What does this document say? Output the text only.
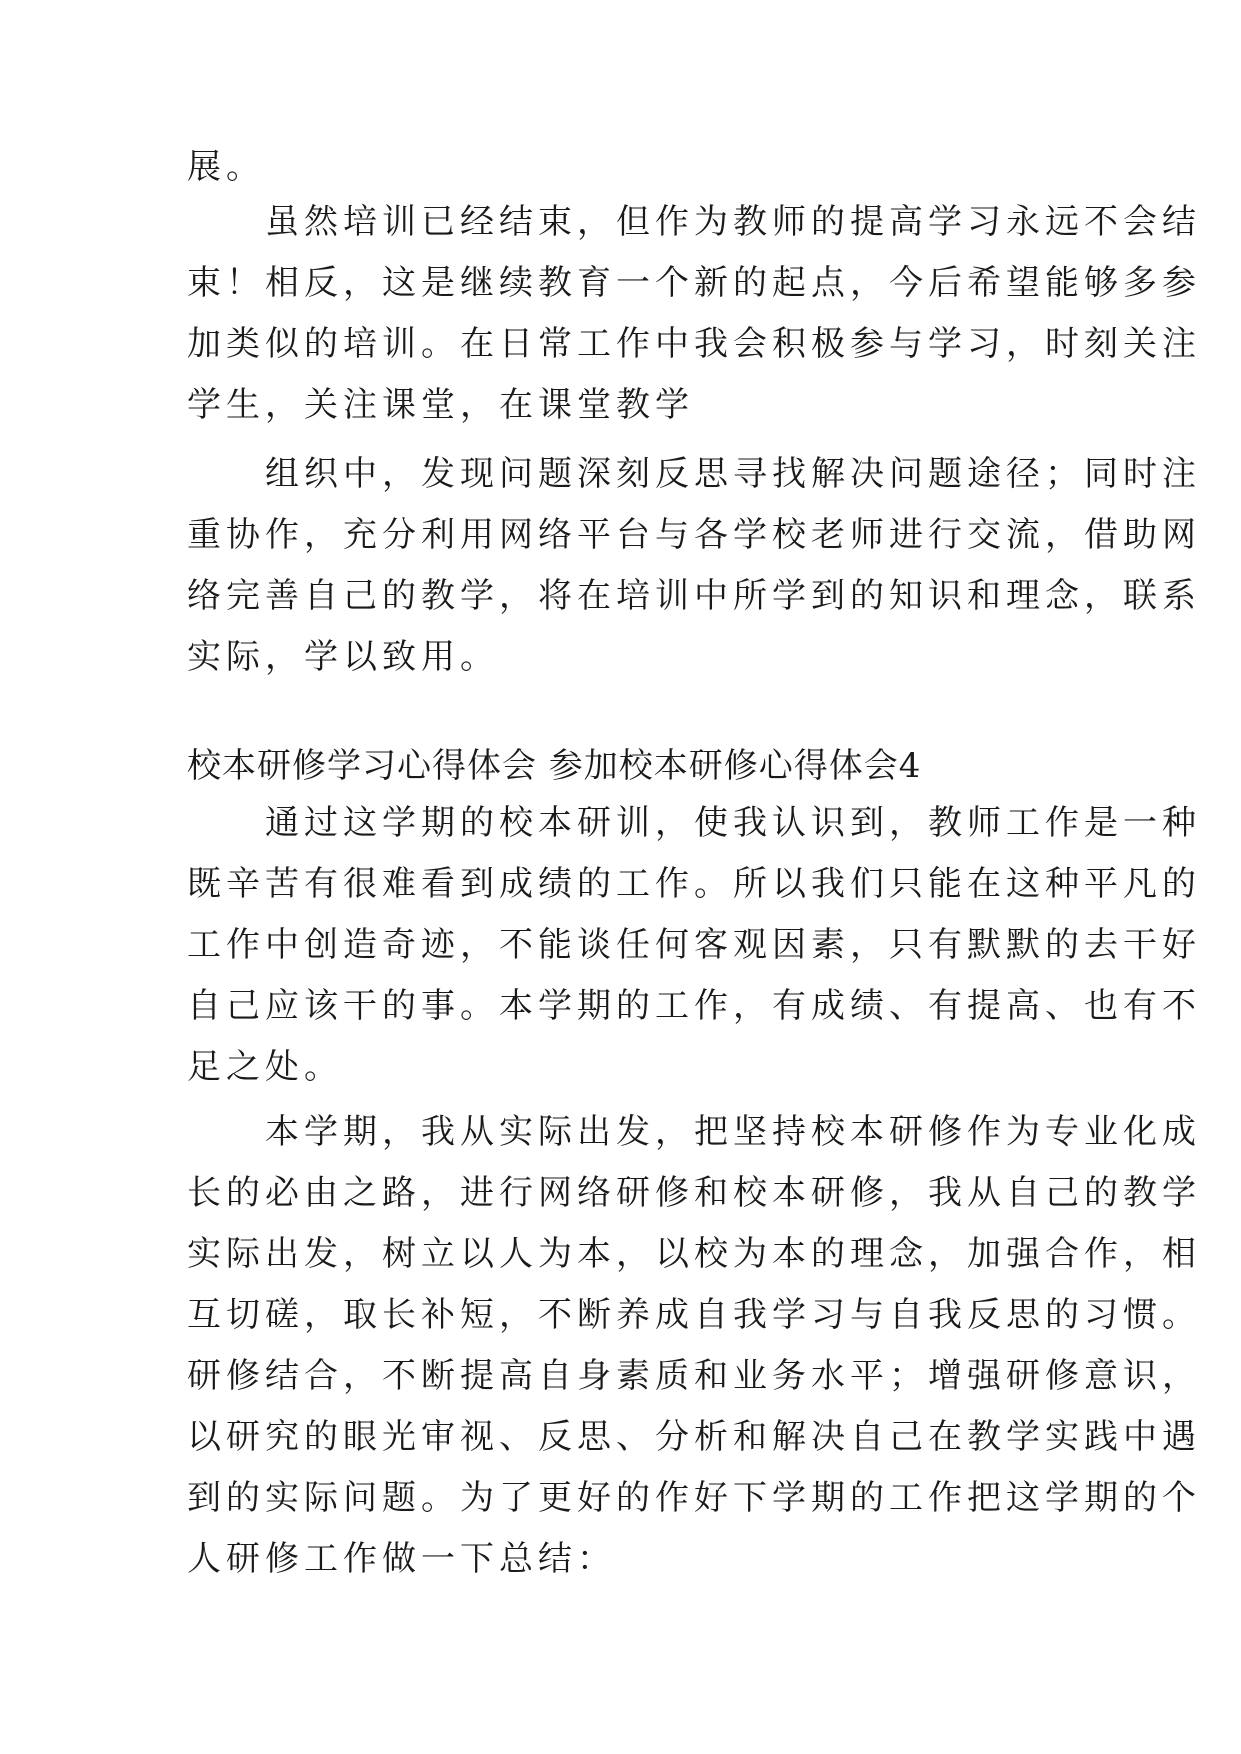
展。
　　虽然培训已经结束，但作为教师的提高学习永远不会结
束！相反，这是继续教育一个新的起点，今后希望能够多参
加类似的培训。在日常工作中我会积极参与学习，时刻关注
学生，关注课堂，在课堂教学
　　组织中，发现问题深刻反思寻找解决问题途径；同时注
重协作，充分利用网络平台与各学校老师进行交流，借助网
络完善自己的教学，将在培训中所学到的知识和理念，联系
实际，学以致用。
校本研修学习心得体会 参加校本研修心得体会4
　　通过这学期的校本研训，使我认识到，教师工作是一种
既辛苦有很难看到成绩的工作。所以我们只能在这种平凡的
工作中创造奇迹，不能谈任何客观因素，只有默默的去干好
自己应该干的事。本学期的工作，有成绩、有提高、也有不
足之处。
　　本学期，我从实际出发，把坚持校本研修作为专业化成
长的必由之路，进行网络研修和校本研修，我从自己的教学
实际出发，树立以人为本，以校为本的理念，加强合作，相
互切磋，取长补短，不断养成自我学习与自我反思的习惯。
研修结合，不断提高自身素质和业务水平；增强研修意识，
以研究的眼光审视、反思、分析和解决自己在教学实践中遇
到的实际问题。为了更好的作好下学期的工作把这学期的个
人研修工作做一下总结：
